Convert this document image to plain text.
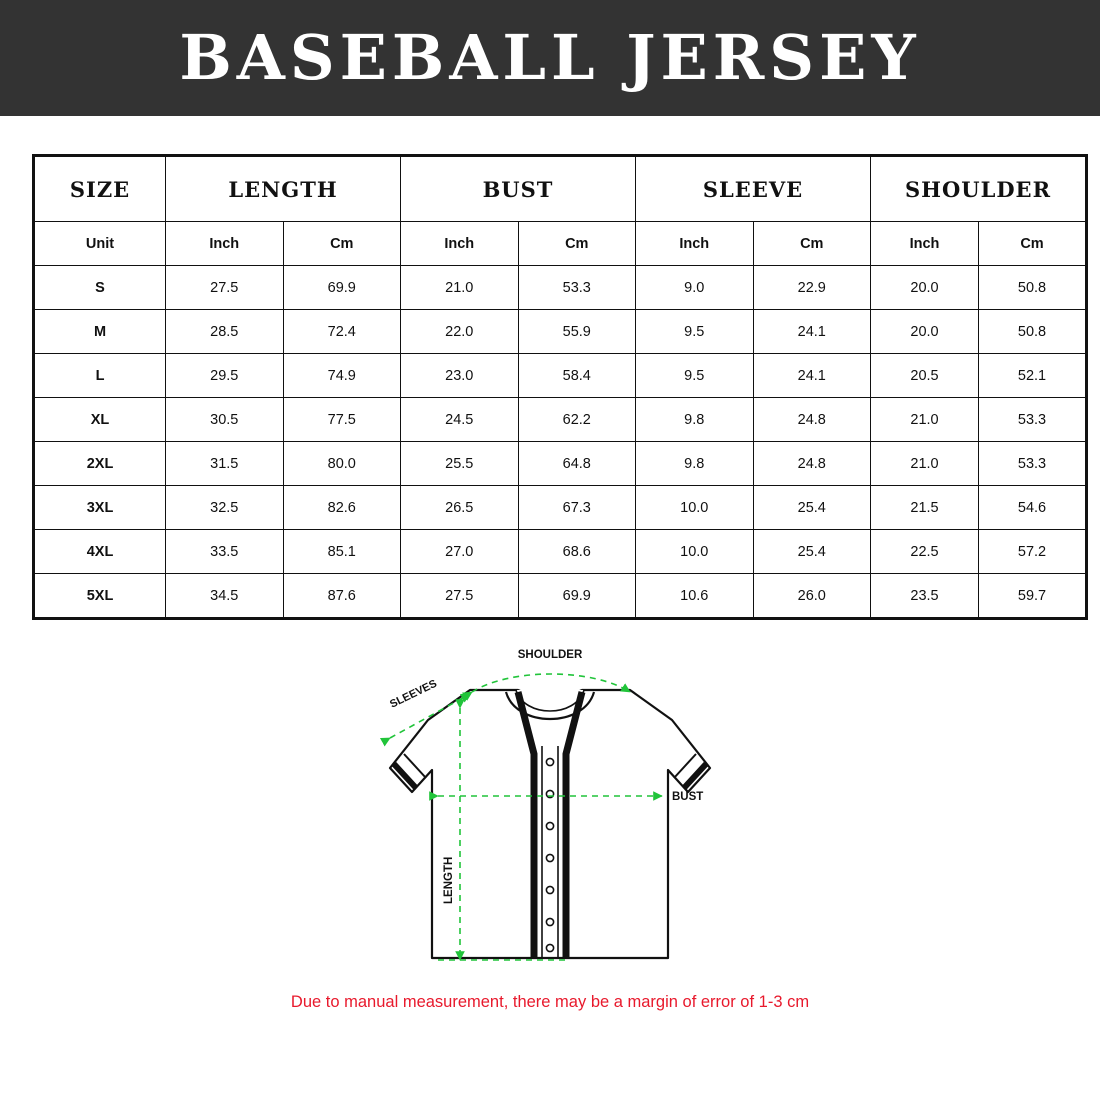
BASEBALL JERSEY
SIZE	LENGTH		BUST		SLEEVE		SHOULDER	
Unit	Inch	Cm	Inch	Cm	Inch	Cm	Inch	Cm
S	27.5	69.9	21.0	53.3	9.0	22.9	20.0	50.8
M	28.5	72.4	22.0	55.9	9.5	24.1	20.0	50.8
L	29.5	74.9	23.0	58.4	9.5	24.1	20.5	52.1
XL	30.5	77.5	24.5	62.2	9.8	24.8	21.0	53.3
2XL	31.5	80.0	25.5	64.8	9.8	24.8	21.0	53.3
3XL	32.5	82.6	26.5	67.3	10.0	25.4	21.5	54.6
4XL	33.5	85.1	27.0	68.6	10.0	25.4	22.5	57.2
5XL	34.5	87.6	27.5	69.9	10.6	26.0	23.5	59.7
SHOULDER
SLEEVES
BUST
LENGTH
Due to manual measurement, there may be a margin of error of 1-3 cm
